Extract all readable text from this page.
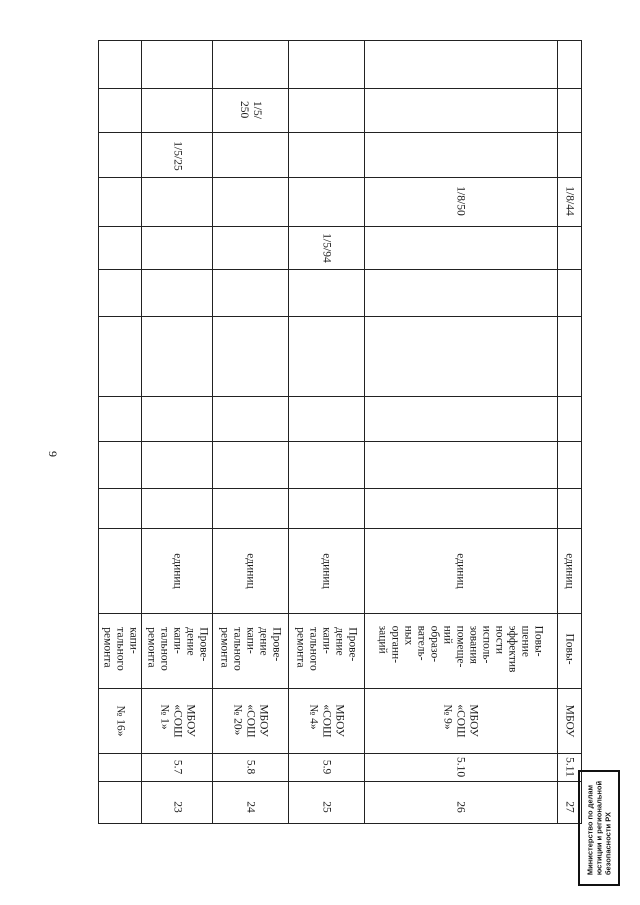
9
№ 16»
капи-
тального
ремонта
23
5.7
МБОУ
«СОШ
№ 1»
Прове-
дение
капи-
тального
ремонта
единиц
1/5/25
24
5.8
МБОУ
«СОШ
№ 20»
Прове-
дение
капи-
тального
ремонта
единиц
1/5/
250
25
5.9
МБОУ
«СОШ
№ 4»
Прове-
дение
капи-
тального
ремонта
единиц
1/5/94
26
5.10
МБОУ
«СОШ
№ 9»
Повы-
шение
эффектив
ности
исполь-
зования
помеще-
ний
образо-
ватель-
ных
органн-
заций
единиц
1/8/50
27
5.11
МБОУ
Повы-
единиц
1/8/44
Министерство по делам
юстиции и региональной
безопасности РХ
